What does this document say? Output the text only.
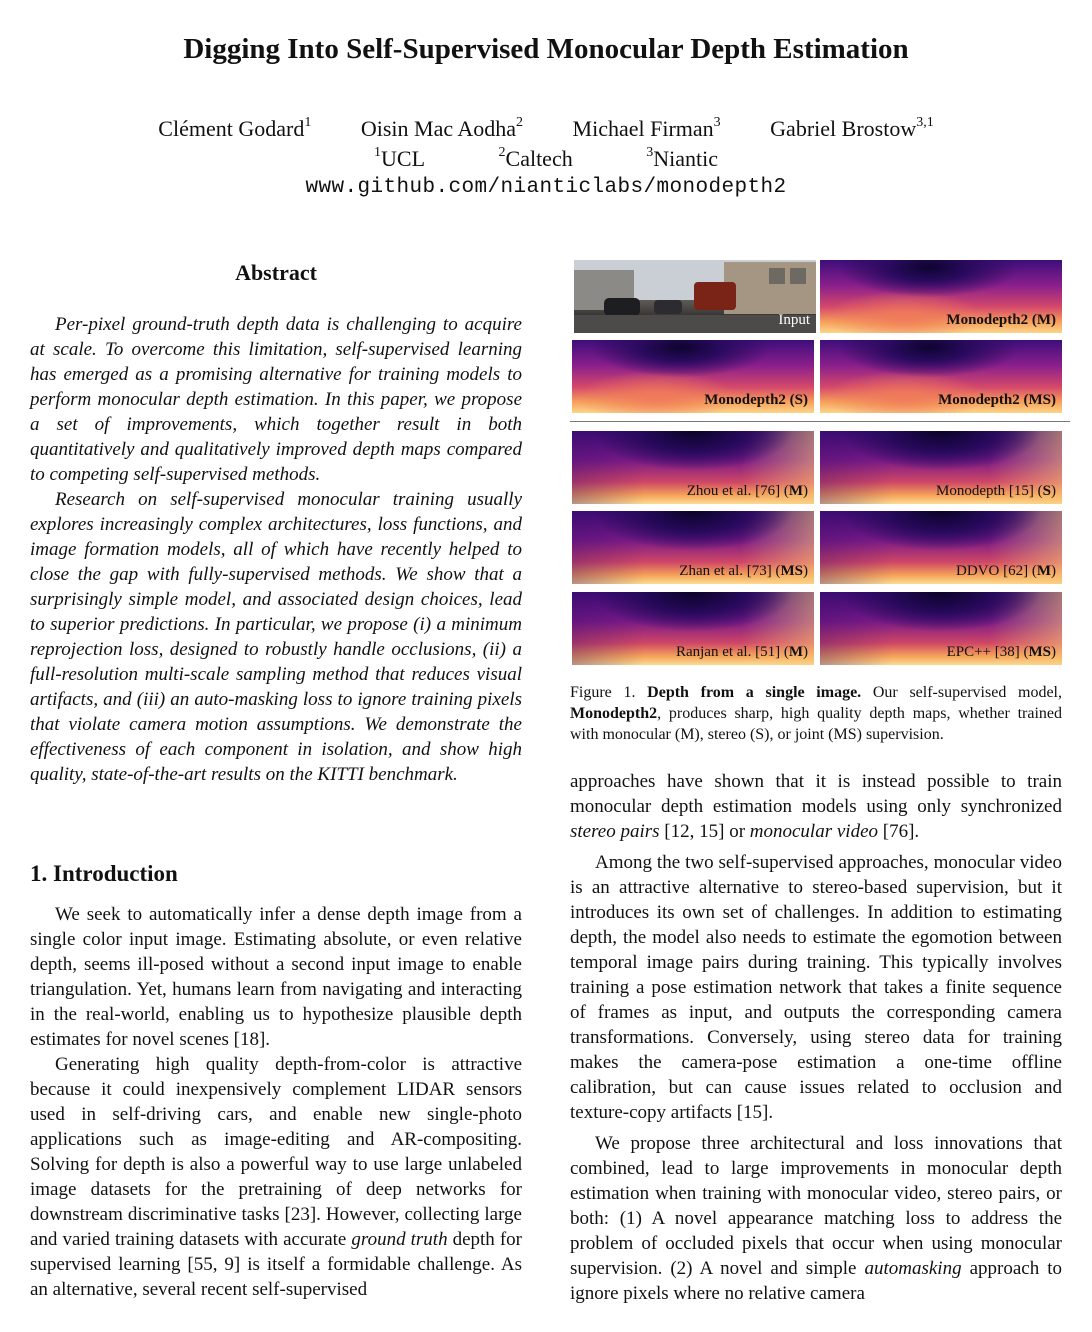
Digging Into Self-Supervised Monocular Depth Estimation
Clément Godard$^1$ Oisin Mac Aodha$^2$ Michael Firman$^3$ Gabriel Brostow$^{3,1}$
$^1$UCL	$^2$Caltech	$^3$Niantic
www.github.com/nianticlabs/monodepth2
Abstract

Per-pixel ground-truth depth data is challenging to acquire at scale. To overcome this limitation, self-supervised learning has emerged as a promising alternative for training models to perform monocular depth estimation. In this paper, we propose a set of improvements, which together result in both quantitatively and qualitatively improved depth maps compared to competing self-supervised methods.

Research on self-supervised monocular training usually explores increasingly complex architectures, loss functions, and image formation models, all of which have recently helped to close the gap with fully-supervised methods. We show that a surprisingly simple model, and associated design choices, lead to superior predictions. In particular, we propose (i) a minimum reprojection loss, designed to robustly handle occlusions, (ii) a full-resolution multi-scale sampling method that reduces visual artifacts, and (iii) an auto-masking loss to ignore training pixels that violate camera motion assumptions. We demonstrate the effectiveness of each component in isolation, and show high quality, state-of-the-art results on the KITTI benchmark.

1. Introduction

We seek to automatically infer a dense depth image from a single color input image. Estimating absolute, or even relative depth, seems ill-posed without a second input image to enable triangulation. Yet, humans learn from navigating and interacting in the real-world, enabling us to hypothesize plausible depth estimates for novel scenes [18].

Generating high quality depth-from-color is attractive because it could inexpensively complement LIDAR sensors used in self-driving cars, and enable new single-photo applications such as image-editing and AR-compositing. Solving for depth is also a powerful way to use large unlabeled image datasets for the pretraining of deep networks for downstream discriminative tasks [23]. However, collecting large and varied training datasets with accurate ground truth depth for supervised learning [55, 9] is itself a formidable challenge. As an alternative, several recent self-supervised

Input	Monodepth2 (M)
Monodepth2 (S)	Monodepth2 (MS)
Zhou et al. [76] (M)	Monodepth [15] (S)
Zhan et al. [73] (MS)	DDVO [62] (M)
Ranjan et al. [51] (M)	EPC++ [38] (MS)
Figure 1. Depth from a single image. Our self-supervised model, Monodepth2, produces sharp, high quality depth maps, whether trained with monocular (M), stereo (S), or joint (MS) supervision.

approaches have shown that it is instead possible to train monocular depth estimation models using only synchronized stereo pairs [12, 15] or monocular video [76].

Among the two self-supervised approaches, monocular video is an attractive alternative to stereo-based supervision, but it introduces its own set of challenges. In addition to estimating depth, the model also needs to estimate the egomotion between temporal image pairs during training. This typically involves training a pose estimation network that takes a finite sequence of frames as input, and outputs the corresponding camera transformations. Conversely, using stereo data for training makes the camera-pose estimation a one-time offline calibration, but can cause issues related to occlusion and texture-copy artifacts [15].

We propose three architectural and loss innovations that combined, lead to large improvements in monocular depth estimation when training with monocular video, stereo pairs, or both: (1) A novel appearance matching loss to address the problem of occluded pixels that occur when using monocular supervision. (2) A novel and simple automasking approach to ignore pixels where no relative camera
